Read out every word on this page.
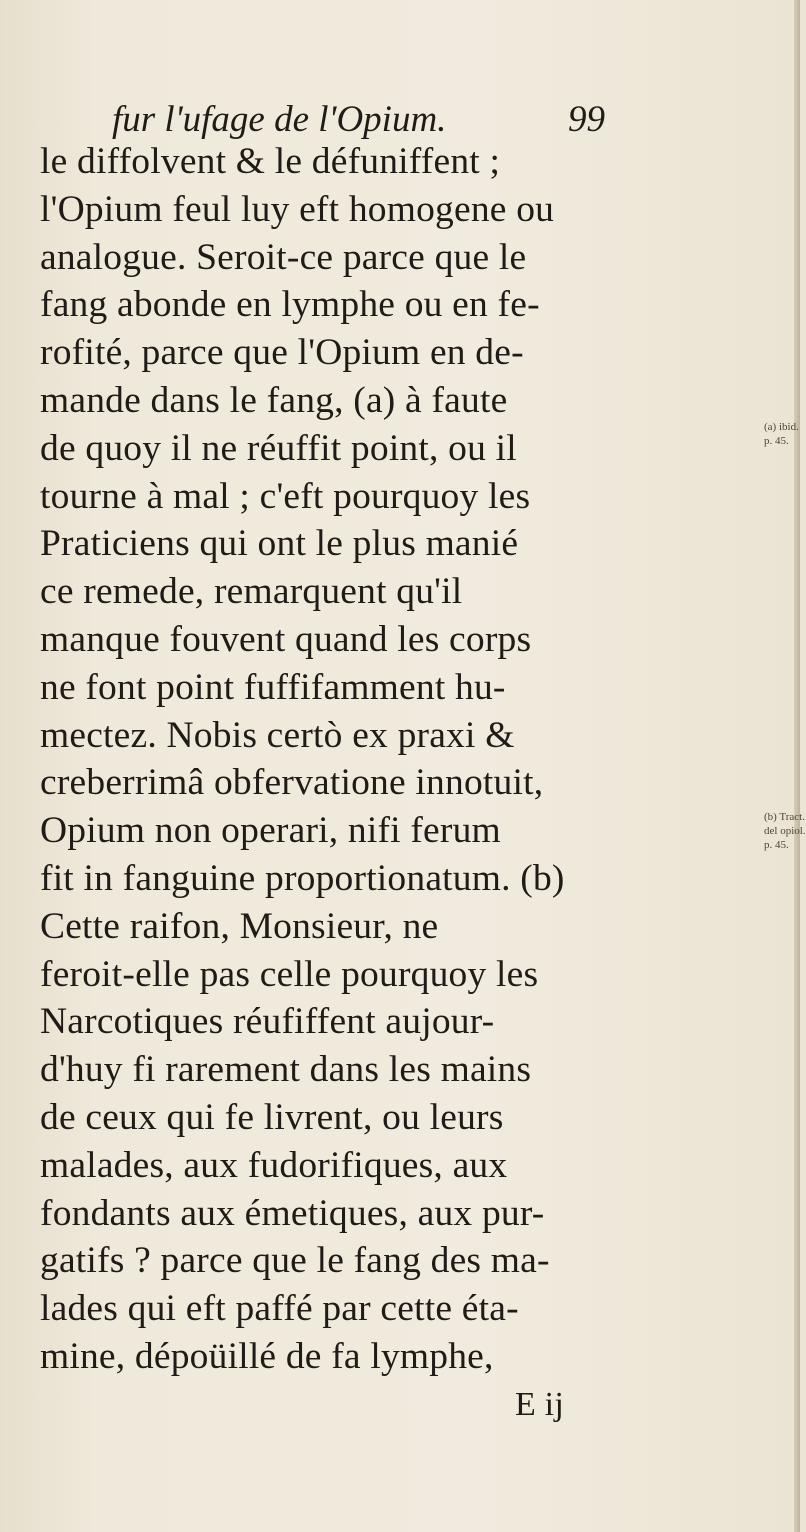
fur l'ufage de l'Opium.	99
le diffolvent & le défuniffent ;
l'Opium feul luy eft homogene ou
analogue. Seroit-ce parce que le
fang abonde en lymphe ou en fe-
rofité, parce que l'Opium en de-
mande dans le fang, (a) à faute
de quoy il ne réuffit point, ou il
tourne à mal ; c'eft pourquoy les
Praticiens qui ont le plus manié
ce remede, remarquent qu'il
manque fouvent quand les corps
ne font point fuffifamment hu-
mectez. Nobis certò ex praxi &
creberrimâ obfervatione innotuit,
Opium non operari, nifi ferum
fit in fanguine proportionatum. (b)
Cette raifon, Monsieur, ne
feroit-elle pas celle pourquoy les
Narcotiques réufiffent aujour-
d'huy fi rarement dans les mains
de ceux qui fe livrent, ou leurs
malades, aux fudorifiques, aux
fondants aux émetiques, aux pur-
gatifs ? parce que le fang des ma-
lades qui eft paffé par cette éta-
mine, dépoüillé de fa lymphe,
E ij
(a) ibid.
p. 45.
(b) Tract.
del opiol.
p. 45.
